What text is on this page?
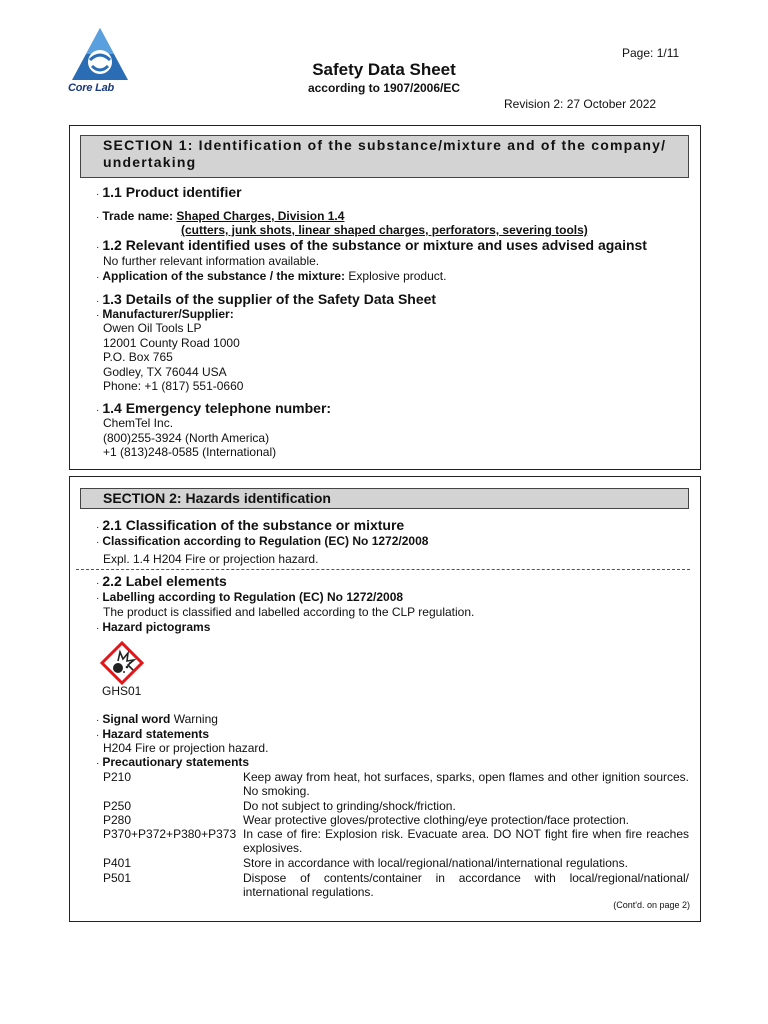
Core Lab
Page: 1/11
Safety Data Sheet
according to 1907/2006/EC
Revision 2: 27 October 2022
SECTION 1: Identification of the substance/mixture and of the company/ undertaking
· 1.1 Product identifier
· Trade name: Shaped Charges, Division 1.4
(cutters, junk shots, linear shaped charges, perforators, severing tools)
· 1.2 Relevant identified uses of the substance or mixture and uses advised against
No further relevant information available.
· Application of the substance / the mixture: Explosive product.
· 1.3 Details of the supplier of the Safety Data Sheet
· Manufacturer/Supplier:
Owen Oil Tools LP
12001 County Road 1000
P.O. Box 765
Godley, TX 76044 USA
Phone: +1 (817) 551-0660
· 1.4 Emergency telephone number:
ChemTel Inc.
(800)255-3924 (North America)
+1 (813)248-0585 (International)
SECTION 2: Hazards identification
· 2.1 Classification of the substance or mixture
· Classification according to Regulation (EC) No 1272/2008
Expl. 1.4 H204 Fire or projection hazard.
· 2.2 Label elements
· Labelling according to Regulation (EC) No 1272/2008
The product is classified and labelled according to the CLP regulation.
· Hazard pictograms
GHS01
· Signal word Warning
· Hazard statements
H204 Fire or projection hazard.
· Precautionary statements
P210	Keep away from heat, hot surfaces, sparks, open flames and other ignition sources. No smoking.
P250	Do not subject to grinding/shock/friction.
P280	Wear protective gloves/protective clothing/eye protection/face protection.
P370+P372+P380+P373 In case of fire: Explosion risk. Evacuate area. DO NOT fight fire when fire reaches explosives.
P401	Store in accordance with local/regional/national/international regulations.
P501	Dispose of contents/container in accordance with local/regional/national/ international regulations.
(Cont'd. on page 2)
